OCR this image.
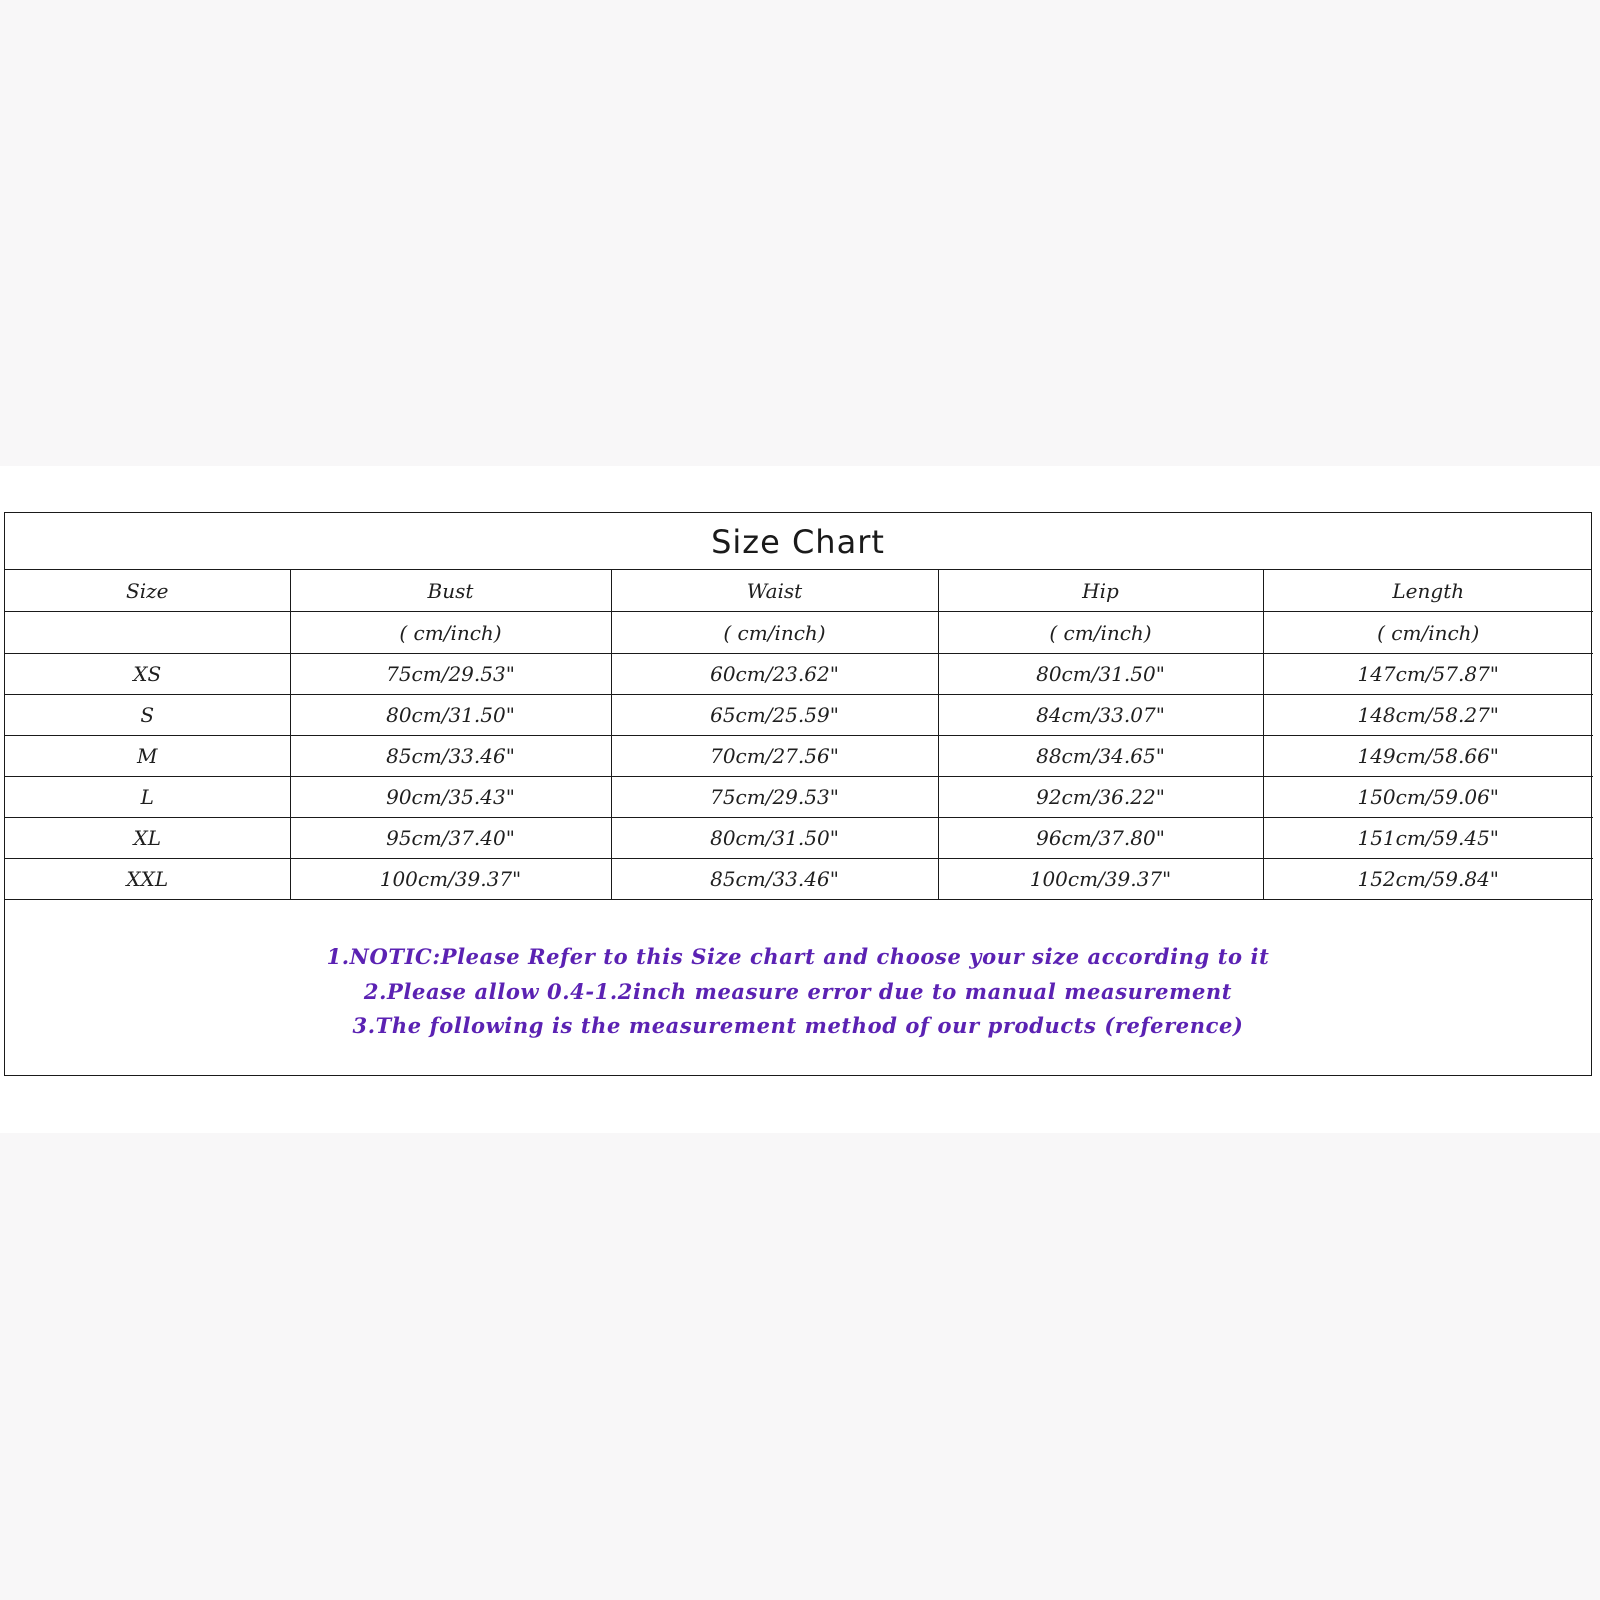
Size Chart
Size	Bust	Waist	Hip	Length
	( cm/inch)	( cm/inch)	( cm/inch)	( cm/inch)
XS	75cm/29.53"	60cm/23.62"	80cm/31.50"	147cm/57.87"
S	80cm/31.50"	65cm/25.59"	84cm/33.07"	148cm/58.27"
M	85cm/33.46"	70cm/27.56"	88cm/34.65"	149cm/58.66"
L	90cm/35.43"	75cm/29.53"	92cm/36.22"	150cm/59.06"
XL	95cm/37.40"	80cm/31.50"	96cm/37.80"	151cm/59.45"
XXL	100cm/39.37"	85cm/33.46"	100cm/39.37"	152cm/59.84"
1.NOTIC:Please Refer to this Size chart and choose your size according to it
2.Please allow 0.4-1.2inch measure error due to manual measurement
3.The following is the measurement method of our products (reference)
